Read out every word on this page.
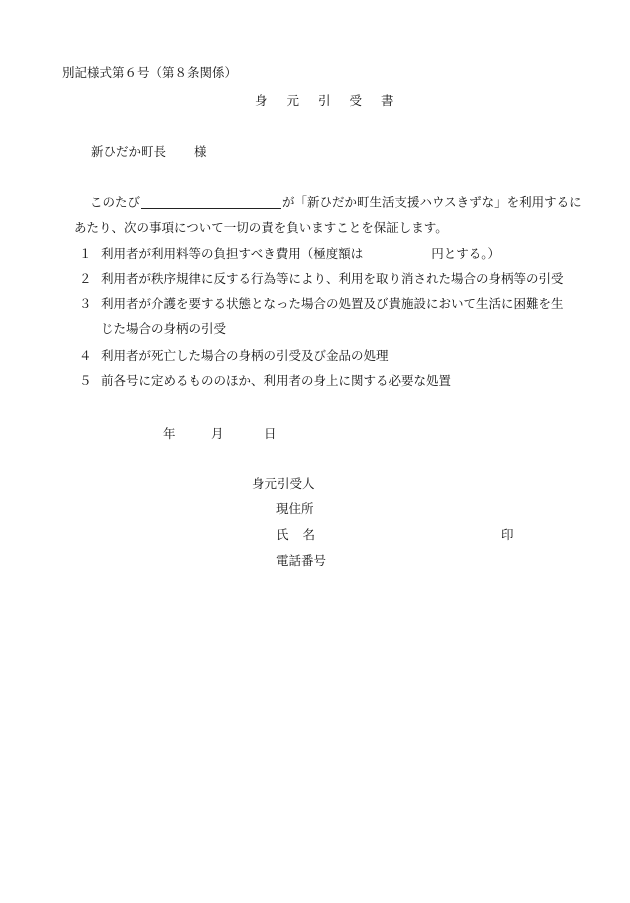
別記様式第６号（第８条関係）
身 元 引 受 書
新ひだか町長 様
このたび	が「新ひだか町生活支援ハウスきずな」を利用するに
あたり、次の事項について一切の責を負いますことを保証します。
１ 利用者が利用料等の負担すべき費用（極度額は	円とする。）
２ 利用者が秩序規律に反する行為等により、利用を取り消された場合の身柄等の引受
３ 利用者が介護を要する状態となった場合の処置及び貴施設において生活に困難を生
じた場合の身柄の引受
４ 利用者が死亡した場合の身柄の引受及び金品の処理
５ 前各号に定めるもののほか、利用者の身上に関する必要な処置
年	月	日
身元引受人
現住所
氏 名	印
電話番号
